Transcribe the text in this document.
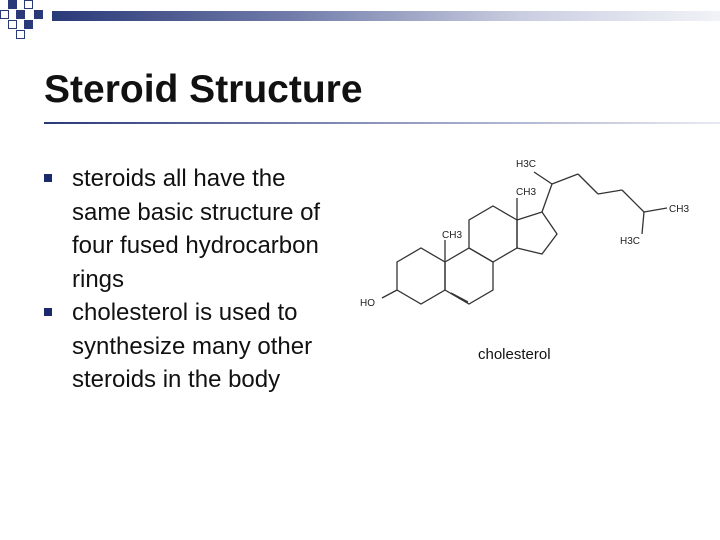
Steroid Structure
steroids all have the same basic structure of four fused hydrocarbon rings
cholesterol is used to synthesize many other steroids in the body
HO
CH3
CH3
H3C
CH3
H3C
cholesterol
